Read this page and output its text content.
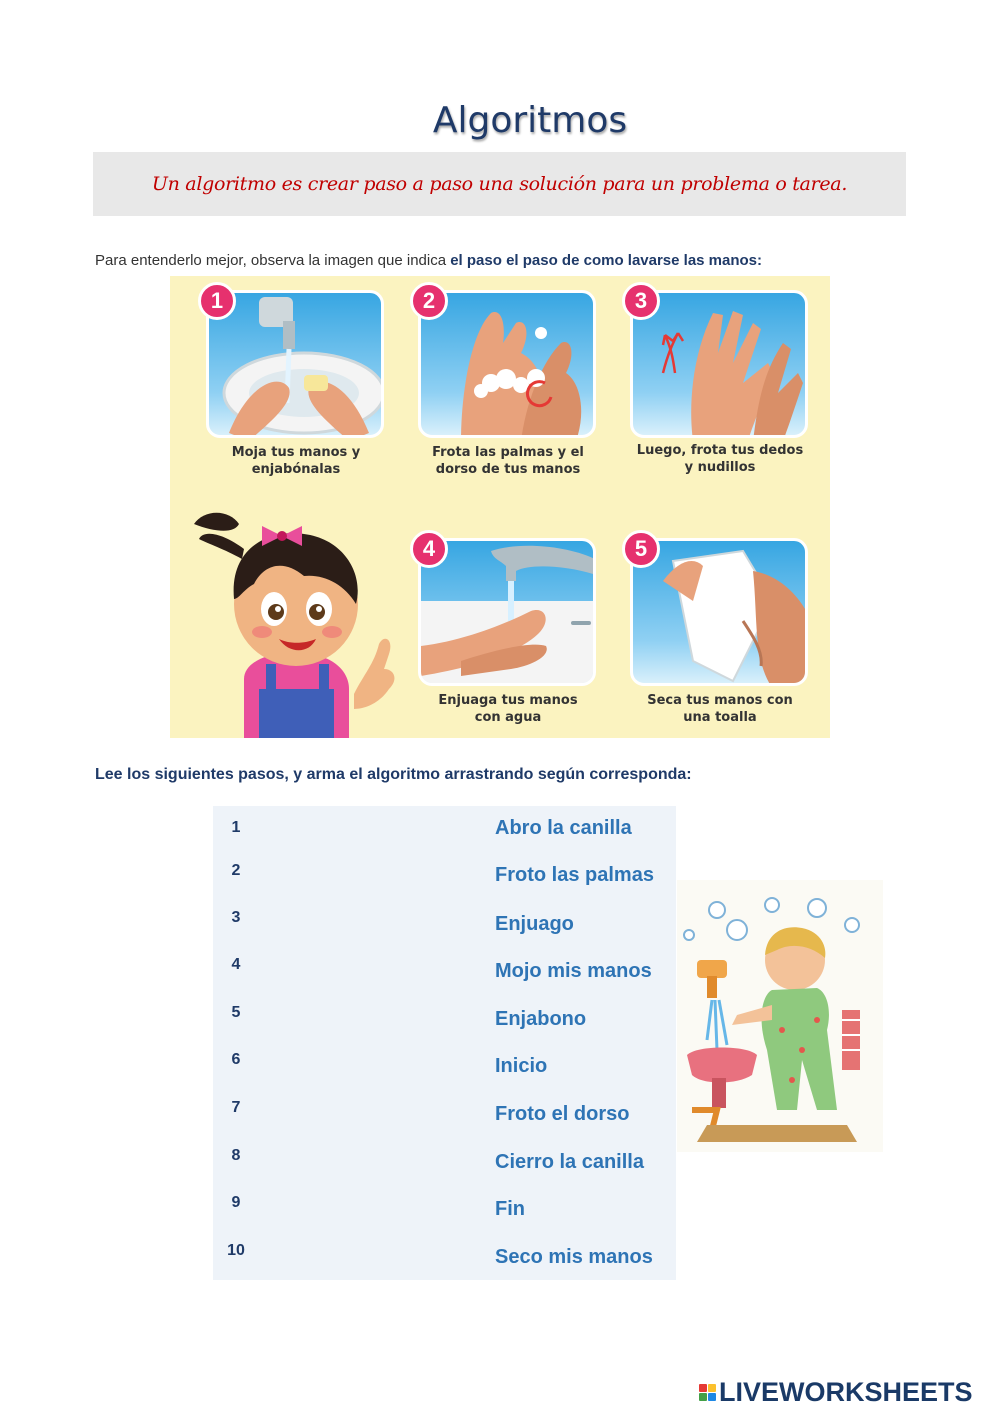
Algoritmos
Un algoritmo es crear paso a paso una solución para un problema o tarea.
Para entenderlo mejor, observa la imagen que indica el paso el paso de como lavarse las manos:
1
Moja tus manos y
enjabónalas
2
Frota las palmas y el
dorso de tus manos
3
Luego, frota tus dedos
y nudillos
4
Enjuaga tus manos
con agua
5
Seca tus manos con
una toalla
Lee los siguientes pasos, y arma el algoritmo arrastrando según corresponda:
1
2
3
4
5
6
7
8
9
10
Abro la canilla
Froto las palmas
Enjuago
Mojo mis manos
Enjabono
Inicio
Froto el dorso
Cierro la canilla
Fin
Seco mis manos
LIVEWORKSHEETS
